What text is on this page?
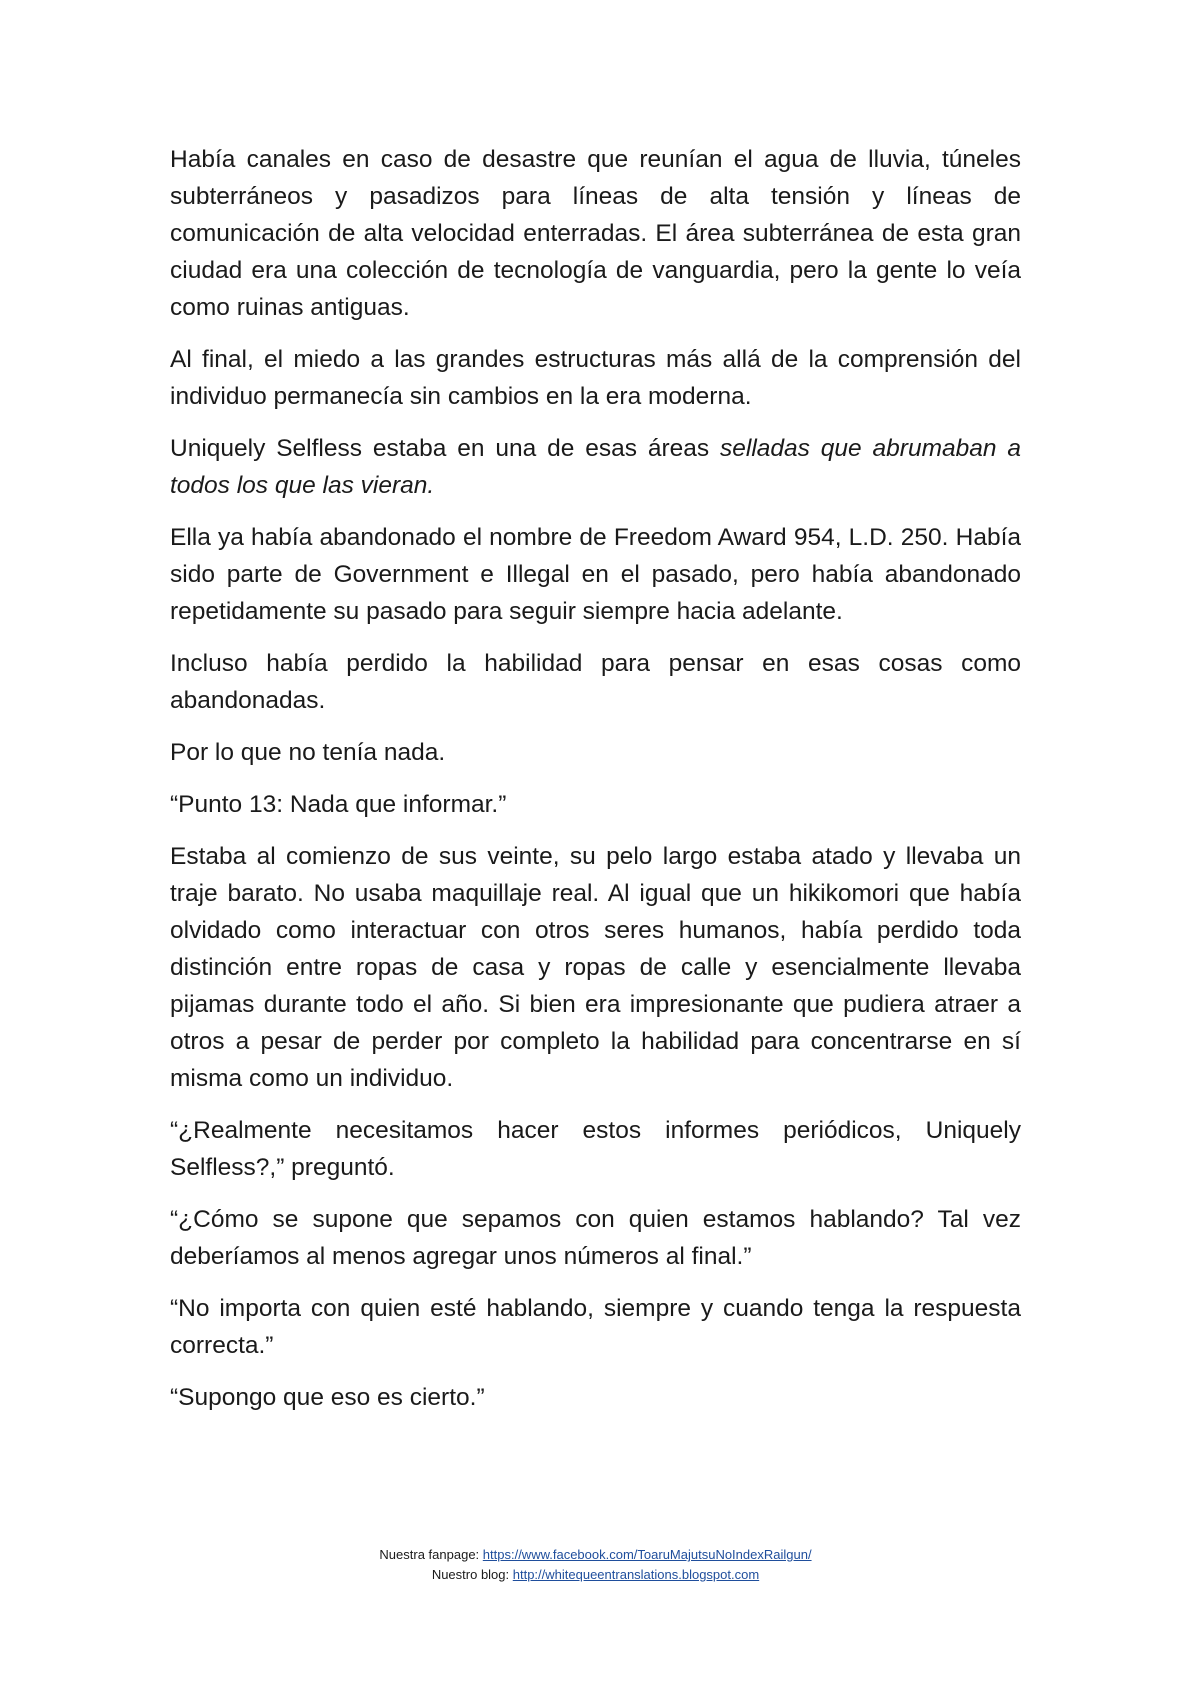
Había canales en caso de desastre que reunían el agua de lluvia, túneles subterráneos y pasadizos para líneas de alta tensión y líneas de comunicación de alta velocidad enterradas. El área subterránea de esta gran ciudad era una colección de tecnología de vanguardia, pero la gente lo veía como ruinas antiguas.

Al final, el miedo a las grandes estructuras más allá de la comprensión del individuo permanecía sin cambios en la era moderna.

Uniquely Selfless estaba en una de esas áreas selladas que abrumaban a todos los que las vieran.

Ella ya había abandonado el nombre de Freedom Award 954, L.D. 250. Había sido parte de Government e Illegal en el pasado, pero había abandonado repetidamente su pasado para seguir siempre hacia adelante.

Incluso había perdido la habilidad para pensar en esas cosas como abandonadas.

Por lo que no tenía nada.

“Punto 13: Nada que informar.”

Estaba al comienzo de sus veinte, su pelo largo estaba atado y llevaba un traje barato. No usaba maquillaje real. Al igual que un hikikomori que había olvidado como interactuar con otros seres humanos, había perdido toda distinción entre ropas de casa y ropas de calle y esencialmente llevaba pijamas durante todo el año. Si bien era impresionante que pudiera atraer a otros a pesar de perder por completo la habilidad para concentrarse en sí misma como un individuo.

“¿Realmente necesitamos hacer estos informes periódicos, Uniquely Selfless?,” preguntó.

“¿Cómo se supone que sepamos con quien estamos hablando? Tal vez deberíamos al menos agregar unos números al final.”

“No importa con quien esté hablando, siempre y cuando tenga la respuesta correcta.”

“Supongo que eso es cierto.”

Nuestra fanpage: https://www.facebook.com/ToaruMajutsuNoIndexRailgun/
Nuestro blog: http://whitequeentranslations.blogspot.com
